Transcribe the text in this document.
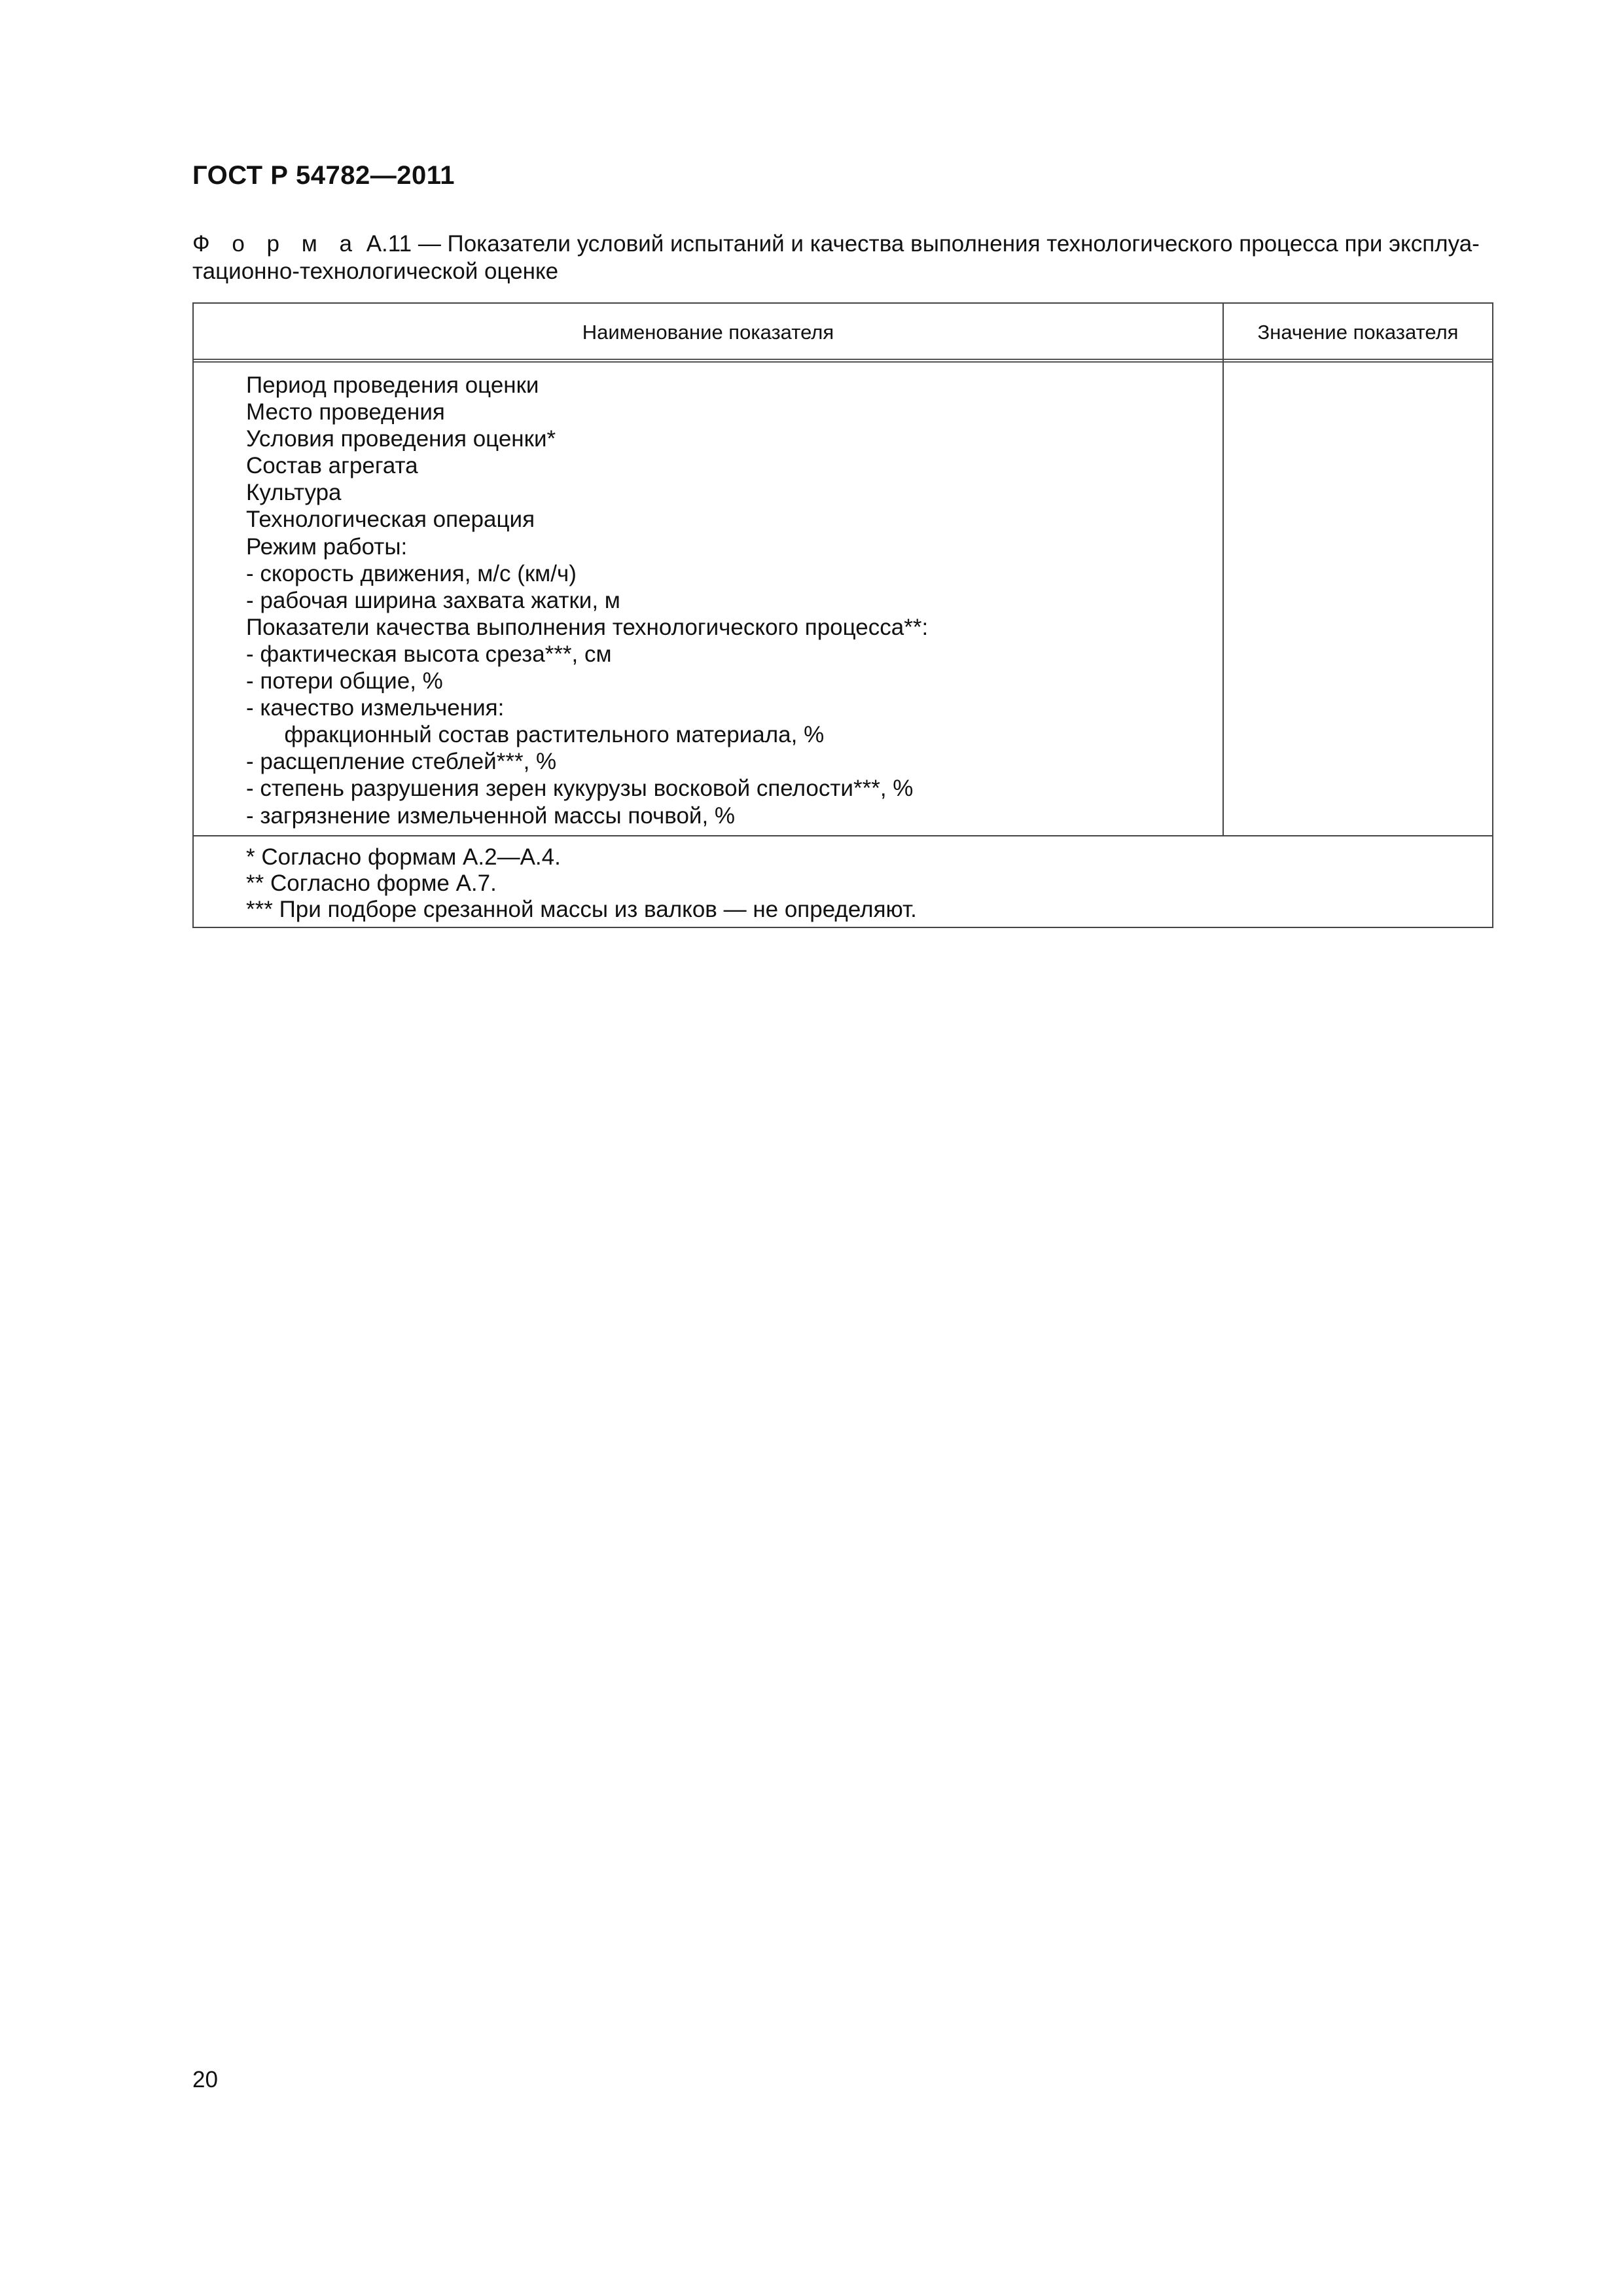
ГОСТ Р 54782—2011
Ф о р м а А.11 — Показатели условий испытаний и качества выполнения технологического процесса при эксплуа-
тационно-технологической оценке
Наименование показателя	Значение показателя
Период проведения оценки
Место проведения
Условия проведения оценки*
Состав агрегата
Культура
Технологическая операция
Режим работы:
- скорость движения, м/с (км/ч)
- рабочая ширина захвата жатки, м
Показатели качества выполнения технологического процесса**:
- фактическая высота среза***, см
- потери общие, %
- качество измельчения:
фракционный состав растительного материала, %
- расщепление стеблей***, %
- степень разрушения зерен кукурузы восковой спелости***, %
- загрязнение измельченной массы почвой, %
* Согласно формам А.2—А.4.
** Согласно форме А.7.
*** При подборе срезанной массы из валков — не определяют.
20
